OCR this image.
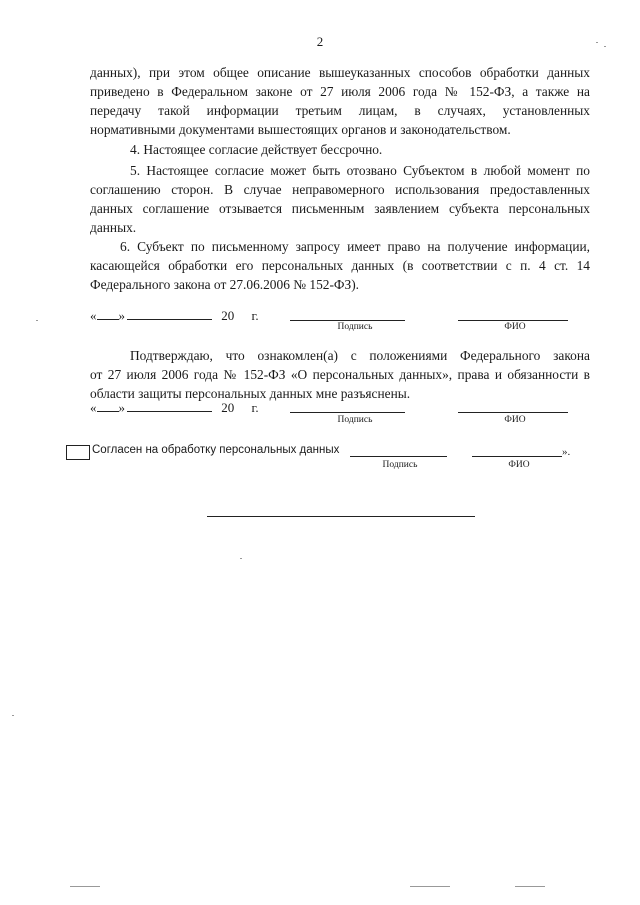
2
данных), при этом общее описание вышеуказанных способов обработки данных
приведено в Федеральном законе от 27 июля 2006 года № 152-ФЗ, а также на
передачу такой информации третьим лицам, в случаях, установленных
нормативными документами вышестоящих органов и законодательством.
4. Настоящее согласие действует бессрочно.
5. Настоящее согласие может быть отозвано Субъектом в любой момент по
соглашению сторон. В случае неправомерного использования предоставленных
данных соглашение отзывается письменным заявлением субъекта персональных
данных.
6. Субъект по письменному запросу имеет право на получение информации,
касающейся обработки его персональных данных (в соответствии с п. 4 ст. 14
Федерального закона от 27.06.2006 № 152-ФЗ).
« »	20 г.
Подпись	ФИО
Подтверждаю, что ознакомлен(а) с положениями Федерального закона
от 27 июля 2006 года № 152-ФЗ «О персональных данных», права и обязанности в
области защиты персональных данных мне разъяснены.
« »	20 г.
Подпись	ФИО
Согласен на обработку персональных данных	».
Подпись	ФИО
